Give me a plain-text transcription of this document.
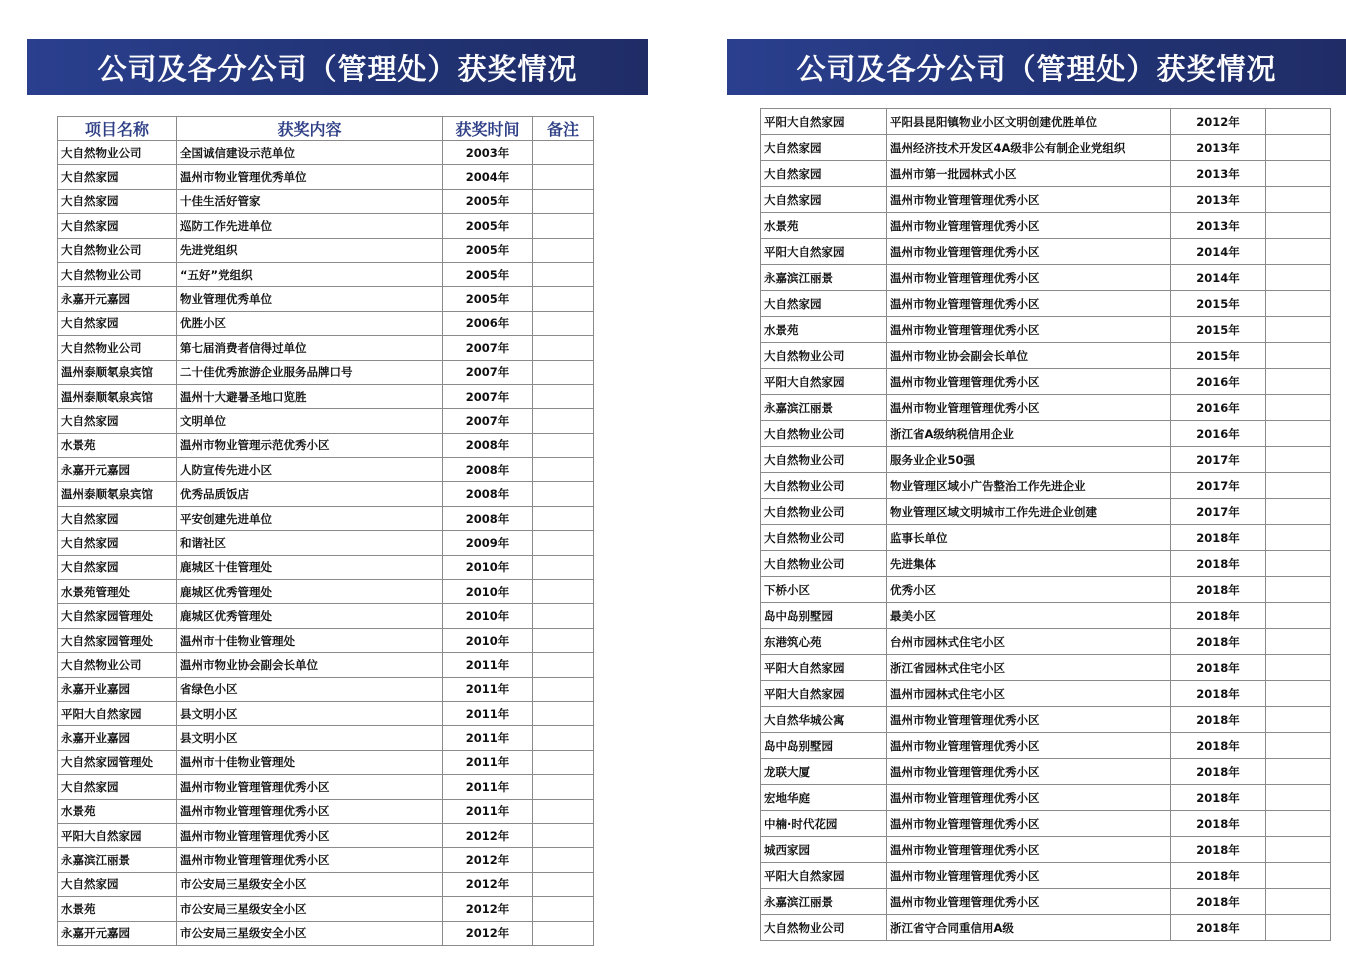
公司及各分公司（管理处）获奖情况	公司及各分公司（管理处）获奖情况
项目名称	获奖内容	获奖时间	备注
大自然物业公司	全国诚信建设示范单位	2003年	
大自然家园	温州市物业管理优秀单位	2004年	
大自然家园	十佳生活好管家	2005年	
大自然家园	巡防工作先进单位	2005年	
大自然物业公司	先进党组织	2005年	
大自然物业公司	“五好”党组织	2005年	
永嘉开元嘉园	物业管理优秀单位	2005年	
大自然家园	优胜小区	2006年	
大自然物业公司	第七届消费者信得过单位	2007年	
温州泰顺氡泉宾馆	二十佳优秀旅游企业服务品牌口号	2007年	
温州泰顺氡泉宾馆	温州十大避暑圣地口览胜	2007年	
大自然家园	文明单位	2007年	
水景苑	温州市物业管理示范优秀小区	2008年	
永嘉开元嘉园	人防宣传先进小区	2008年	
温州泰顺氡泉宾馆	优秀品质饭店	2008年	
大自然家园	平安创建先进单位	2008年	
大自然家园	和谐社区	2009年	
大自然家园	鹿城区十佳管理处	2010年	
水景苑管理处	鹿城区优秀管理处	2010年	
大自然家园管理处	鹿城区优秀管理处	2010年	
大自然家园管理处	温州市十佳物业管理处	2010年	
大自然物业公司	温州市物业协会副会长单位	2011年	
永嘉开业嘉园	省绿色小区	2011年	
平阳大自然家园	县文明小区	2011年	
永嘉开业嘉园	县文明小区	2011年	
大自然家园管理处	温州市十佳物业管理处	2011年	
大自然家园	温州市物业管理管理优秀小区	2011年	
水景苑	温州市物业管理管理优秀小区	2011年	
平阳大自然家园	温州市物业管理管理优秀小区	2012年	
永嘉滨江丽景	温州市物业管理管理优秀小区	2012年	
大自然家园	市公安局三星级安全小区	2012年	
水景苑	市公安局三星级安全小区	2012年	
永嘉开元嘉园	市公安局三星级安全小区	2012年	
平阳大自然家园	平阳县昆阳镇物业小区文明创建优胜单位	2012年	
大自然家园	温州经济技术开发区4A级非公有制企业党组织	2013年	
大自然家园	温州市第一批园林式小区	2013年	
大自然家园	温州市物业管理管理优秀小区	2013年	
水景苑	温州市物业管理管理优秀小区	2013年	
平阳大自然家园	温州市物业管理管理优秀小区	2014年	
永嘉滨江丽景	温州市物业管理管理优秀小区	2014年	
大自然家园	温州市物业管理管理优秀小区	2015年	
水景苑	温州市物业管理管理优秀小区	2015年	
大自然物业公司	温州市物业协会副会长单位	2015年	
平阳大自然家园	温州市物业管理管理优秀小区	2016年	
永嘉滨江丽景	温州市物业管理管理优秀小区	2016年	
大自然物业公司	浙江省A级纳税信用企业	2016年	
大自然物业公司	服务业企业50强	2017年	
大自然物业公司	物业管理区域小广告整治工作先进企业	2017年	
大自然物业公司	物业管理区域文明城市工作先进企业创建	2017年	
大自然物业公司	监事长单位	2018年	
大自然物业公司	先进集体	2018年	
下桥小区	优秀小区	2018年	
岛中岛别墅园	最美小区	2018年	
东港筑心苑	台州市园林式住宅小区	2018年	
平阳大自然家园	浙江省园林式住宅小区	2018年	
平阳大自然家园	温州市园林式住宅小区	2018年	
大自然华城公寓	温州市物业管理管理优秀小区	2018年	
岛中岛别墅园	温州市物业管理管理优秀小区	2018年	
龙联大厦	温州市物业管理管理优秀小区	2018年	
宏地华庭	温州市物业管理管理优秀小区	2018年	
中楠·时代花园	温州市物业管理管理优秀小区	2018年	
城西家园	温州市物业管理管理优秀小区	2018年	
平阳大自然家园	温州市物业管理管理优秀小区	2018年	
永嘉滨江丽景	温州市物业管理管理优秀小区	2018年	
大自然物业公司	浙江省守合同重信用A级	2018年	
